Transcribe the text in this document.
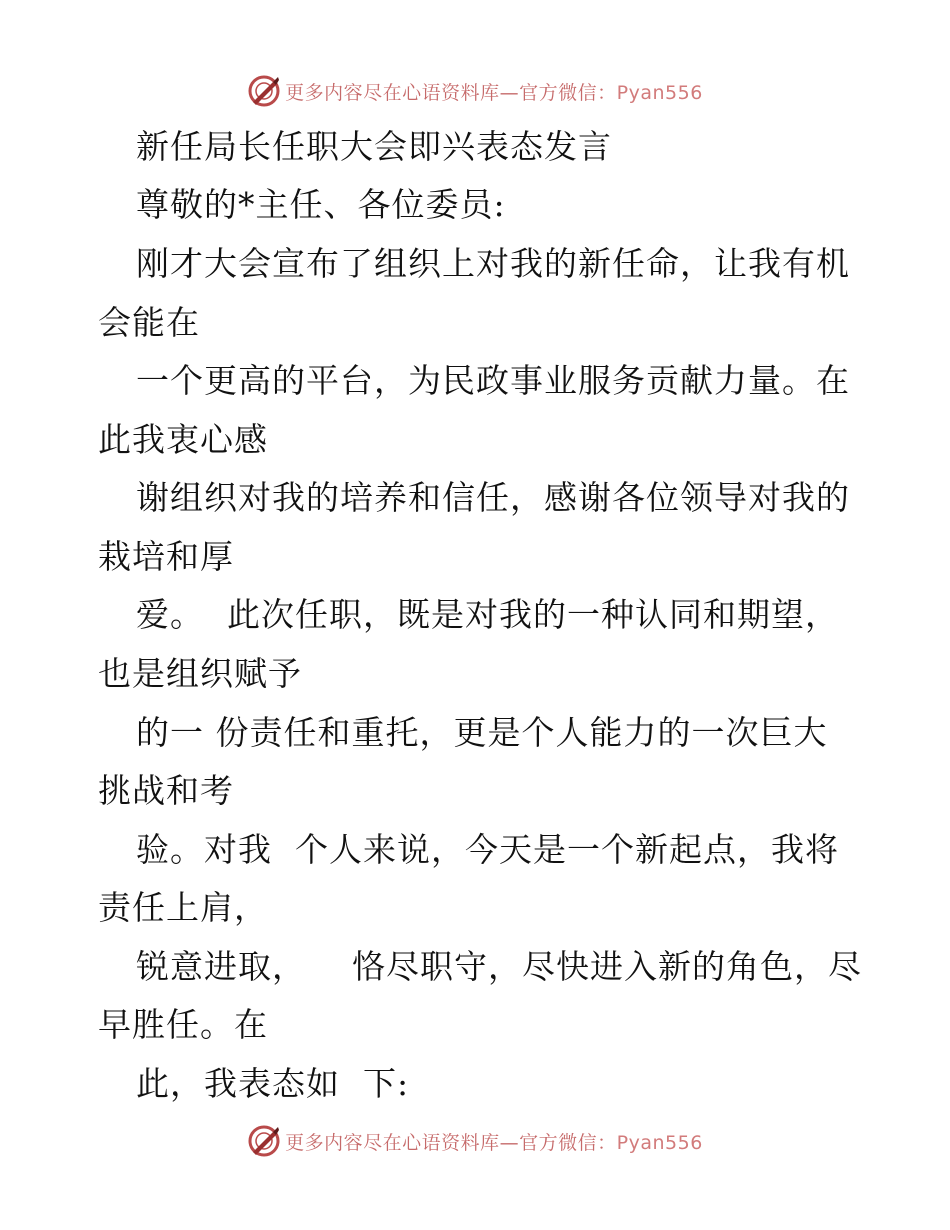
更多内容尽在心语资料库—官方微信：Pyan556
新任局长任职大会即兴表态发言
尊敬的*主任、各位委员:
刚才大会宣布了组织上对我的新任命，让我有机
会能在
一个更高的平台，为民政事业服务贡献力量。在
此我衷心感
谢组织对我的培养和信任，感谢各位领导对我的
栽培和厚
爱。  此次任职，既是对我的一种认同和期望，
也是组织赋予
的一 份责任和重托，更是个人能力的一次巨大
挑战和考
验。对我  个人来说，今天是一个新起点，我将
责任上肩，
锐意进取，    恪尽职守，尽快进入新的角色，尽
早胜任。在
此，我表态如  下:
更多内容尽在心语资料库—官方微信：Pyan556
